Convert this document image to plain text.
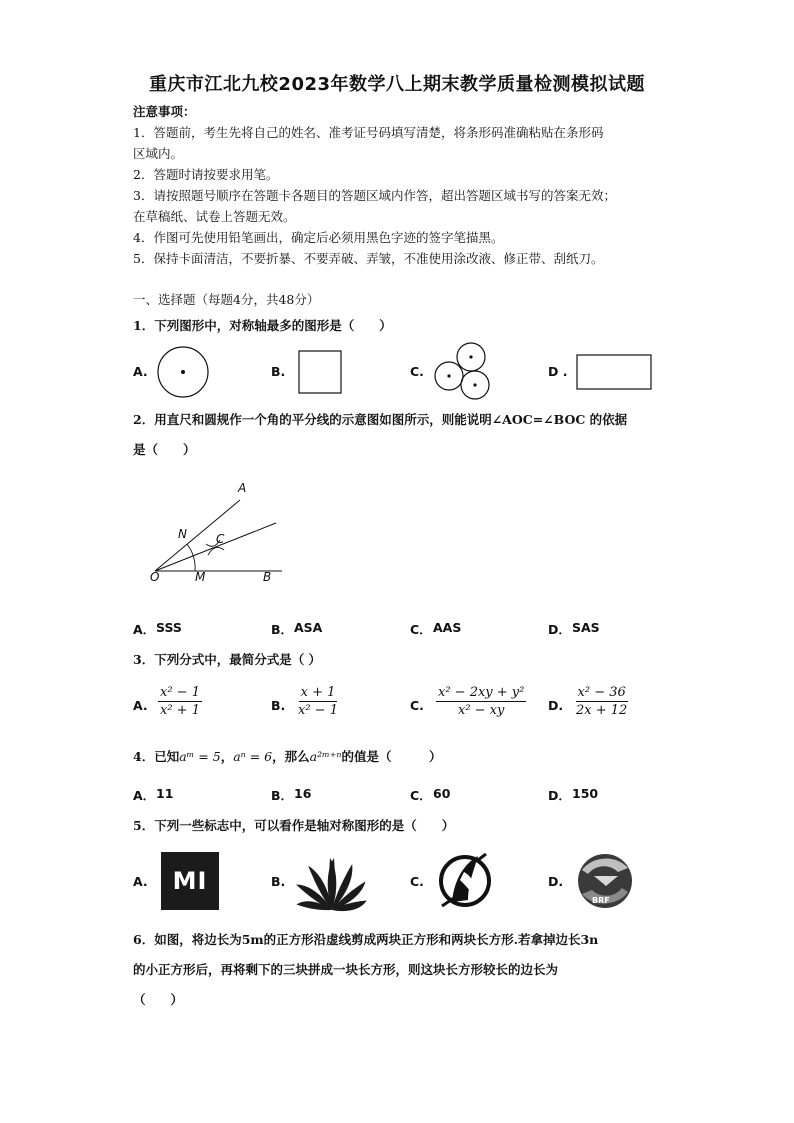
重庆市江北九校2023年数学八上期末教学质量检测模拟试题
注意事项：
1．答题前，考生先将自己的姓名、准考证号码填写清楚，将条形码准确粘贴在条形码
区域内。
2．答题时请按要求用笔。
3．请按照题号顺序在答题卡各题目的答题区域内作答，超出答题区域书写的答案无效；
在草稿纸、试卷上答题无效。
4．作图可先使用铅笔画出，确定后必须用黑色字迹的签字笔描黑。
5．保持卡面清洁，不要折暴、不要弄破、弄皱，不准使用涂改液、修正带、刮纸刀。
一、选择题（每题4分，共48分）
1．下列图形中，对称轴最多的图形是（　　）
A.	B.	C.	D .
2．用直尺和圆规作一个角的平分线的示意图如图所示，则能说明∠AOC=∠BOC 的依据
是（　　）
A
N C
O	M	B
A． SSS	B． ASA	C． AAS	D． SAS
3．下列分式中，最简分式是（ ）
A. $\frac{\text{x² − 1}}{\text{x² + 1}}$	B. $\frac{x + 1}{\text{x² − 1}}$	C. $\frac{\text{x² − 2xy + y²}}{\text{x² − xy}} D$. $\frac{\text{x² − 36}}{2x + 12}$
4．已知aᵐ = 5，aⁿ = 6，那么a²ᵐ⁺ⁿ的值是（　　　）
A． 11	B． 16	C． 60	D． 150
5．下列一些标志中，可以看作是轴对称图形的是（　　）
A. MI	B.	C.	D.
BRF
6．如图，将边长为5m的正方形沿虚线剪成两块正方形和两块长方形.若拿掉边长3n
的小正方形后，再将剩下的三块拼成一块长方形，则这块长方形较长的边长为
（　　）
